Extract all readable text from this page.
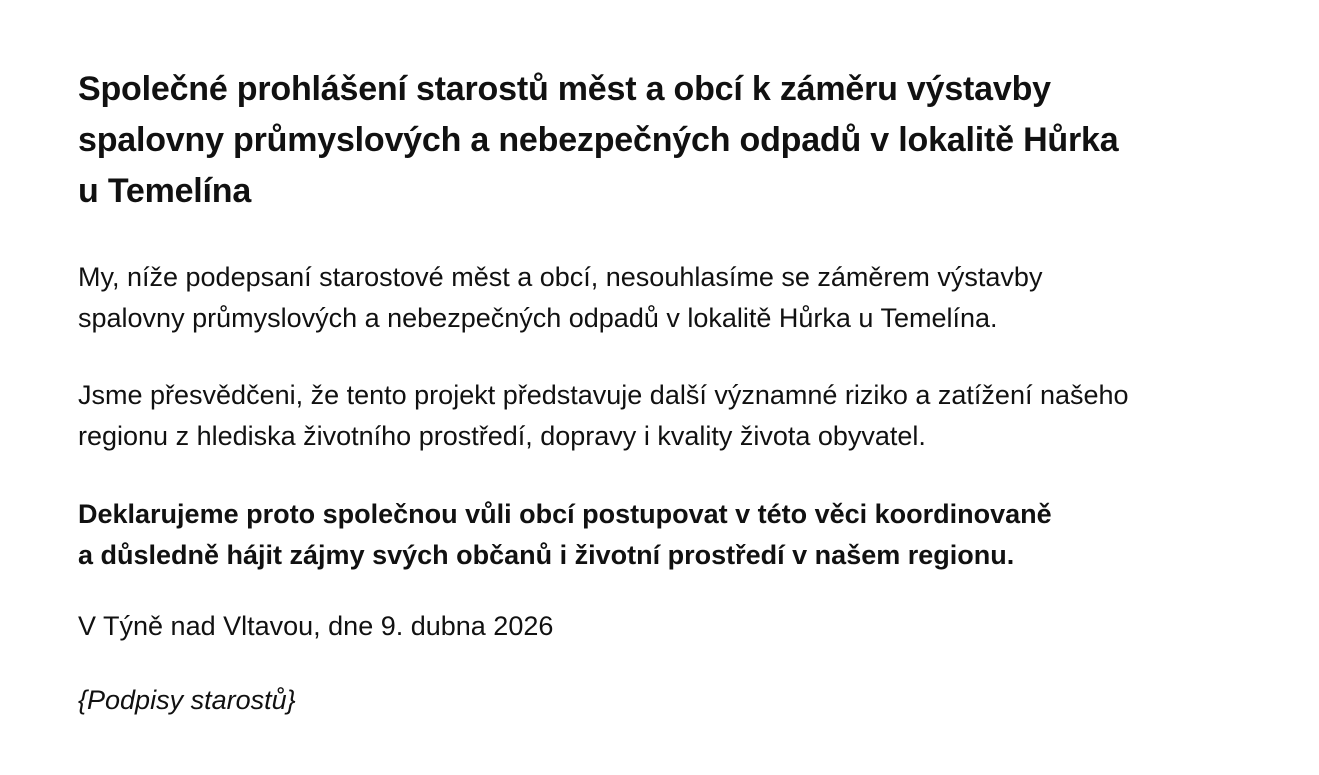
Společné prohlášení starostů měst a obcí k záměru výstavby
spalovny průmyslových a nebezpečných odpadů v lokalitě Hůrka
u Temelína

My, níže podepsaní starostové měst a obcí, nesouhlasíme se záměrem výstavby
spalovny průmyslových a nebezpečných odpadů v lokalitě Hůrka u Temelína.

Jsme přesvědčeni, že tento projekt představuje další významné riziko a zatížení našeho
regionu z hlediska životního prostředí, dopravy i kvality života obyvatel.

Deklarujeme proto společnou vůli obcí postupovat v této věci koordinovaně
a důsledně hájit zájmy svých občanů i životní prostředí v našem regionu.

V Týně nad Vltavou, dne 9. dubna 2026

{Podpisy starostů}
